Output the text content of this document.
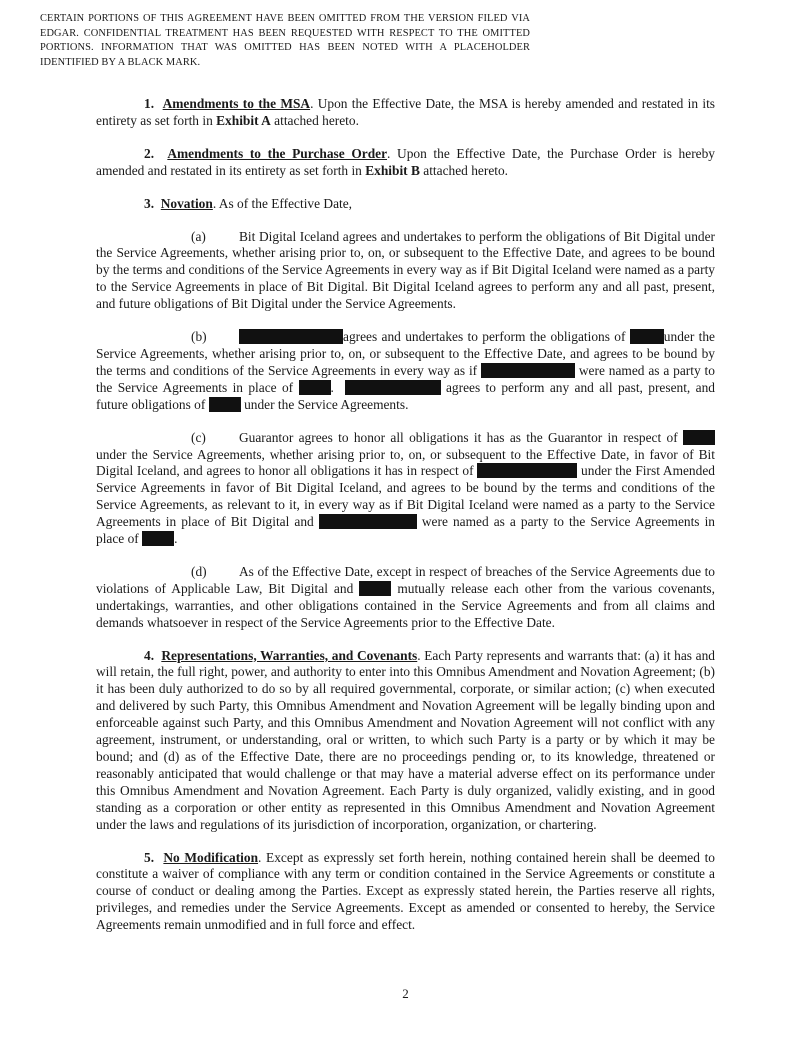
CERTAIN PORTIONS OF THIS AGREEMENT HAVE BEEN OMITTED FROM THE VERSION FILED VIA EDGAR. CONFIDENTIAL TREATMENT HAS BEEN REQUESTED WITH RESPECT TO THE OMITTED PORTIONS. INFORMATION THAT WAS OMITTED HAS BEEN NOTED WITH A PLACEHOLDER IDENTIFIED BY A BLACK MARK.

1. Amendments to the MSA. Upon the Effective Date, the MSA is hereby amended and restated in its entirety as set forth in Exhibit A attached hereto.

2. Amendments to the Purchase Order. Upon the Effective Date, the Purchase Order is hereby amended and restated in its entirety as set forth in Exhibit B attached hereto.

3. Novation. As of the Effective Date,

(a) Bit Digital Iceland agrees and undertakes to perform the obligations of Bit Digital under the Service Agreements, whether arising prior to, on, or subsequent to the Effective Date, and agrees to be bound by the terms and conditions of the Service Agreements in every way as if Bit Digital Iceland were named as a party to the Service Agreements in place of Bit Digital. Bit Digital Iceland agrees to perform any and all past, present, and future obligations of Bit Digital under the Service Agreements.

(b)	agrees and undertakes to perform the obligations of	under the Service Agreements, whether arising prior to, on, or subsequent to the Effective Date, and agrees to be bound by the terms and conditions of the Service Agreements in every way as if	were named as a party to the Service Agreements in place of	.	agrees to perform any and all past, present, and future obligations of	under the Service Agreements.

(c) Guarantor agrees to honor all obligations it has as the Guarantor in respect of  under the Service Agreements, whether arising prior to, on, or subsequent to the Effective Date, in favor of Bit Digital Iceland, and agrees to honor all obligations it has in respect of	under the First Amended Service Agreements in favor of Bit Digital Iceland, and agrees to be bound by the terms and conditions of the Service Agreements, as relevant to it, in every way as if Bit Digital Iceland were named as a party to the Service Agreements in place of Bit Digital and	were named as a party to the Service Agreements in place of	.

(d) As of the Effective Date, except in respect of breaches of the Service Agreements due to violations of Applicable Law, Bit Digital and	mutually release each other from the various covenants, undertakings, warranties, and other obligations contained in the Service Agreements and from all claims and demands whatsoever in respect of the Service Agreements prior to the Effective Date.

4. Representations, Warranties, and Covenants. Each Party represents and warrants that: (a) it has and will retain, the full right, power, and authority to enter into this Omnibus Amendment and Novation Agreement; (b) it has been duly authorized to do so by all required governmental, corporate, or similar action; (c) when executed and delivered by such Party, this Omnibus Amendment and Novation Agreement will be legally binding upon and enforceable against such Party, and this Omnibus Amendment and Novation Agreement will not conflict with any agreement, instrument, or understanding, oral or written, to which such Party is a party or by which it may be bound; and (d) as of the Effective Date, there are no proceedings pending or, to its knowledge, threatened or reasonably anticipated that would challenge or that may have a material adverse effect on its performance under this Omnibus Amendment and Novation Agreement. Each Party is duly organized, validly existing, and in good standing as a corporation or other entity as represented in this Omnibus Amendment and Novation Agreement under the laws and regulations of its jurisdiction of incorporation, organization, or chartering.

5. No Modification. Except as expressly set forth herein, nothing contained herein shall be deemed to constitute a waiver of compliance with any term or condition contained in the Service Agreements or constitute a course of conduct or dealing among the Parties. Except as expressly stated herein, the Parties reserve all rights, privileges, and remedies under the Service Agreements. Except as amended or consented to hereby, the Service Agreements remain unmodified and in full force and effect.

2
